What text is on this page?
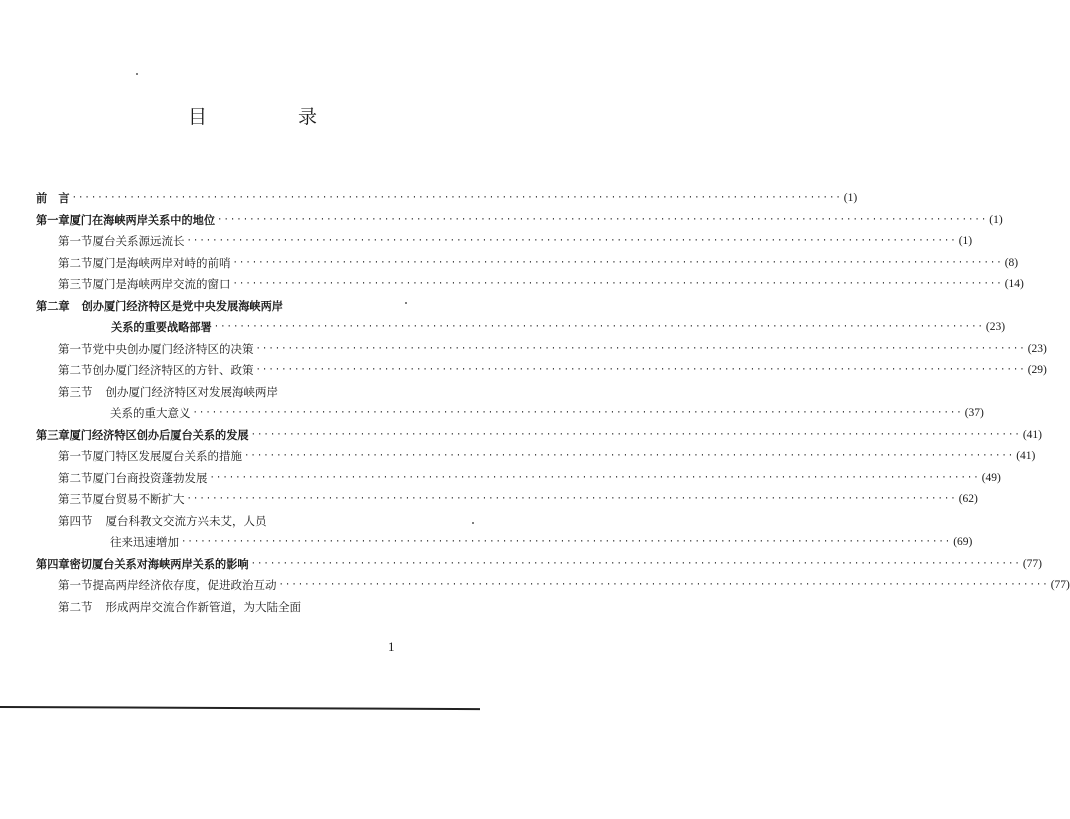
目　录
前　言 ························································································································ (1)
第一章 厦门在海峡两岸关系中的地位 ························································································································ (1)
第一节 厦台关系源远流长 ························································································································ (1)
第二节 厦门是海峡两岸对峙的前哨 ························································································································ (8)
第三节 厦门是海峡两岸交流的窗口 ························································································································ (14)
第二章 创办厦门经济特区是党中央发展海峡两岸
关系的重要战略部署 ························································································································ (23)
第一节 党中央创办厦门经济特区的决策 ························································································································ (23)
第二节 创办厦门经济特区的方针、政策 ························································································································ (29)
第三节 创办厦门经济特区对发展海峡两岸
关系的重大意义 ························································································································ (37)
第三章 厦门经济特区创办后厦台关系的发展 ························································································································ (41)
第一节 厦门特区发展厦台关系的措施 ························································································································ (41)
第二节 厦门台商投资蓬勃发展 ························································································································ (49)
第三节 厦台贸易不断扩大 ························································································································ (62)
第四节 厦台科教文交流方兴未艾，人员
往来迅速增加 ························································································································ (69)
第四章 密切厦台关系对海峡两岸关系的影响 ························································································································ (77)
第一节 提高两岸经济依存度，促进政治互动 ························································································································ (77)
第二节 形成两岸交流合作新管道，为大陆全面
1
